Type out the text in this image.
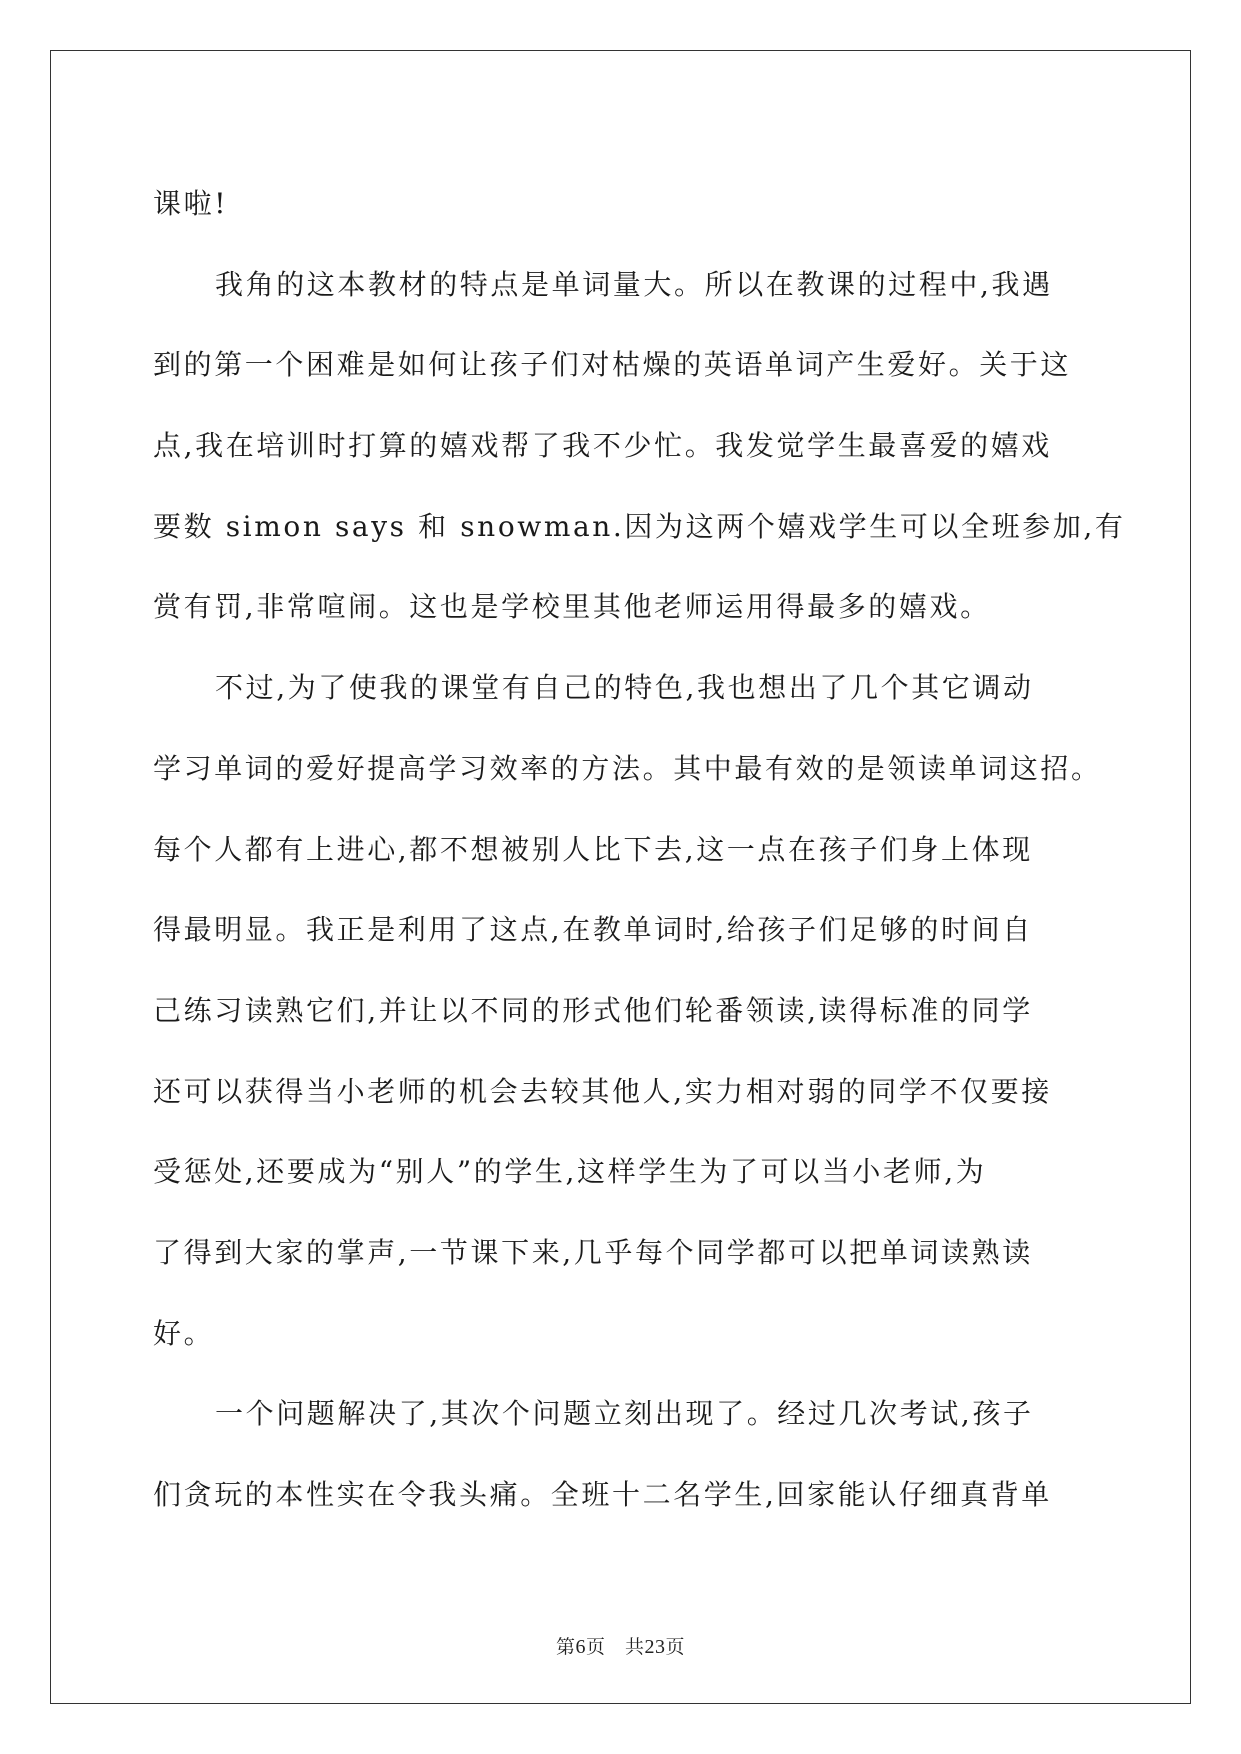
课啦!
我角的这本教材的特点是单词量大。所以在教课的过程中,我遇
到的第一个困难是如何让孩子们对枯燥的英语单词产生爱好。关于这
点,我在培训时打算的嬉戏帮了我不少忙。我发觉学生最喜爱的嬉戏
要数 simon says 和 snowman.因为这两个嬉戏学生可以全班参加,有
赏有罚,非常喧闹。这也是学校里其他老师运用得最多的嬉戏。
不过,为了使我的课堂有自己的特色,我也想出了几个其它调动
学习单词的爱好提高学习效率的方法。其中最有效的是领读单词这招。
每个人都有上进心,都不想被别人比下去,这一点在孩子们身上体现
得最明显。我正是利用了这点,在教单词时,给孩子们足够的时间自
己练习读熟它们,并让以不同的形式他们轮番领读,读得标准的同学
还可以获得当小老师的机会去较其他人,实力相对弱的同学不仅要接
受惩处,还要成为“别人”的学生,这样学生为了可以当小老师,为
了得到大家的掌声,一节课下来,几乎每个同学都可以把单词读熟读
好。
一个问题解决了,其次个问题立刻出现了。经过几次考试,孩子
们贪玩的本性实在令我头痛。全班十二名学生,回家能认仔细真背单
第6页　共23页
